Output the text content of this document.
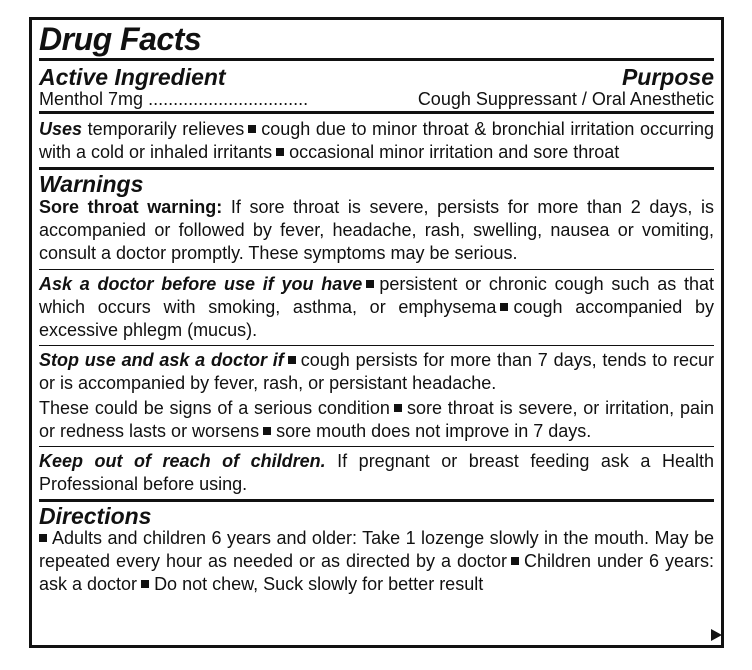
Drug Facts
Active Ingredient	Purpose
Menthol 7mg ................................	Cough Suppressant / Oral Anesthetic
Uses temporarily relieves cough due to minor throat & bronchial irritation occurring with a cold or inhaled irritants occasional minor irritation and sore throat
Warnings
Sore throat warning: If sore throat is severe, persists for more than 2 days, is accompanied or followed by fever, headache, rash, swelling, nausea or vomiting, consult a doctor promptly. These symptoms may be serious.
Ask a doctor before use if you have persistent or chronic cough such as that which occurs with smoking, asthma, or emphysema cough accompanied by excessive phlegm (mucus).
Stop use and ask a doctor if cough persists for more than 7 days, tends to recur or is accompanied by fever, rash, or persistant headache.
These could be signs of a serious condition sore throat is severe, or irritation, pain or redness lasts or worsens sore mouth does not improve in 7 days.
Keep out of reach of children. If pregnant or breast feeding ask a Health Professional before using.
Directions
Adults and children 6 years and older: Take 1 lozenge slowly in the mouth. May be repeated every hour as needed or as directed by a doctor Children under 6 years: ask a doctor Do not chew, Suck slowly for better result
